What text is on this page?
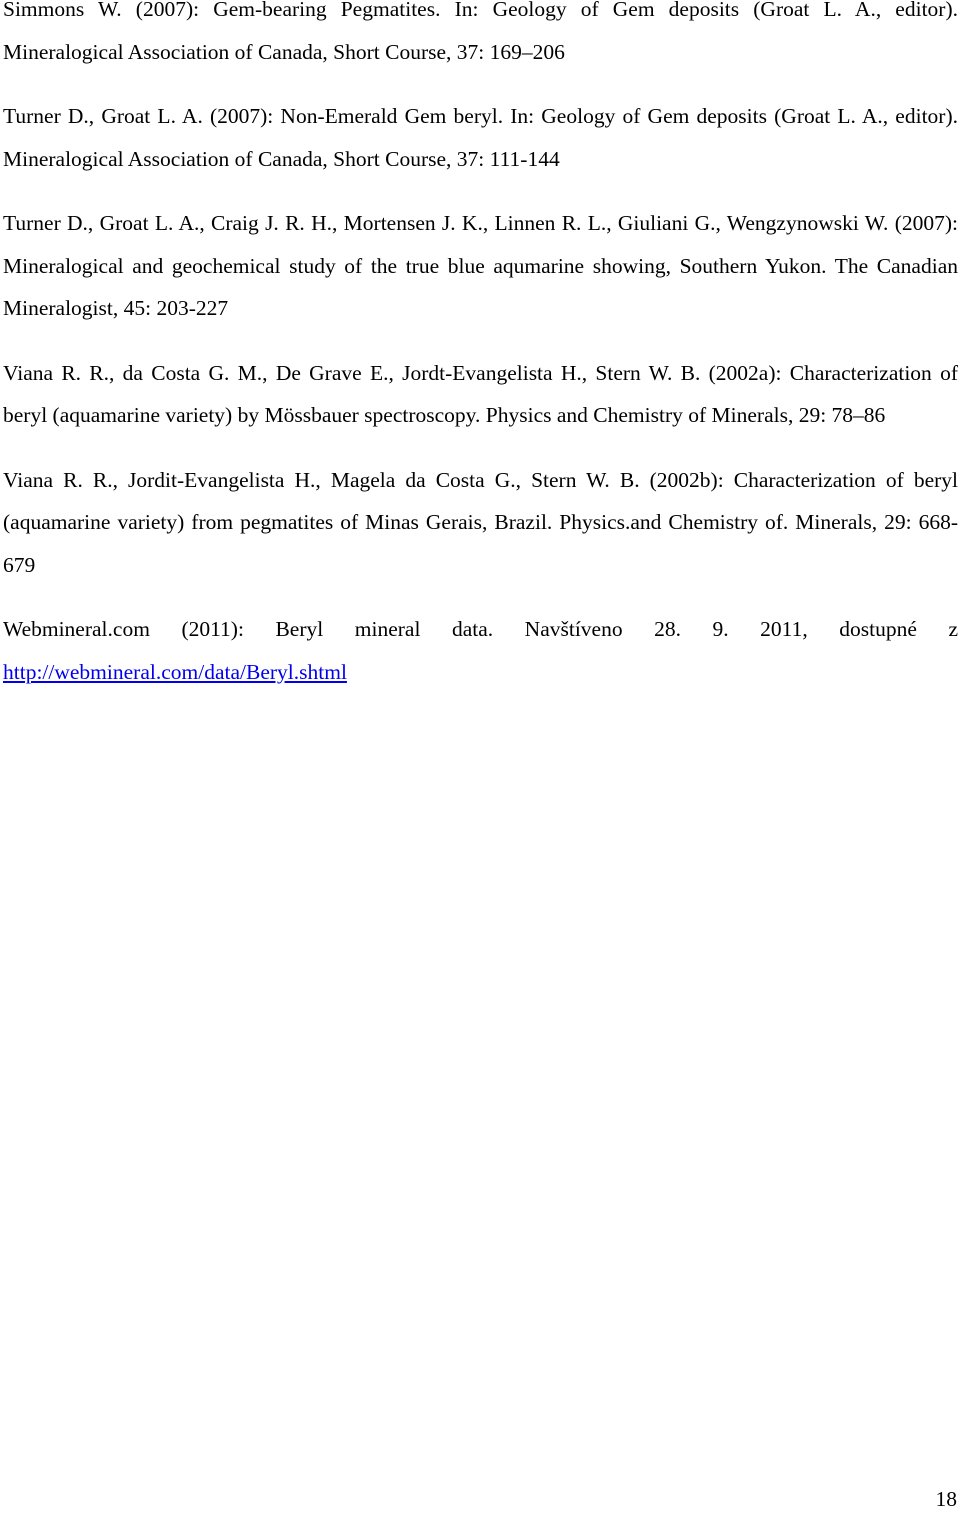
Simmons W. (2007): Gem-bearing Pegmatites. In: Geology of Gem deposits (Groat L. A., editor). Mineralogical Association of Canada, Short Course, 37: 169–206

Turner D., Groat L. A. (2007): Non-Emerald Gem beryl. In: Geology of Gem deposits (Groat L. A., editor). Mineralogical Association of Canada, Short Course, 37: 111-144

Turner D., Groat L. A., Craig J. R. H., Mortensen J. K., Linnen R. L., Giuliani G., Wengzynowski W. (2007): Mineralogical and geochemical study of the true blue aqumarine showing, Southern Yukon. The Canadian Mineralogist, 45: 203-227

Viana R. R., da Costa G. M., De Grave E., Jordt-Evangelista H., Stern W. B. (2002a): Characterization of beryl (aquamarine variety) by Mössbauer spectroscopy. Physics and Chemistry of Minerals, 29: 78–86

Viana R. R., Jordit-Evangelista H., Magela da Costa G., Stern W. B. (2002b): Characterization of beryl (aquamarine variety) from pegmatites of Minas Gerais, Brazil. Physics.and Chemistry of. Minerals, 29: 668-679

Webmineral.com (2011): Beryl mineral data. Navštíveno 28. 9. 2011, dostupné z http://webmineral.com/data/Beryl.shtml

18
